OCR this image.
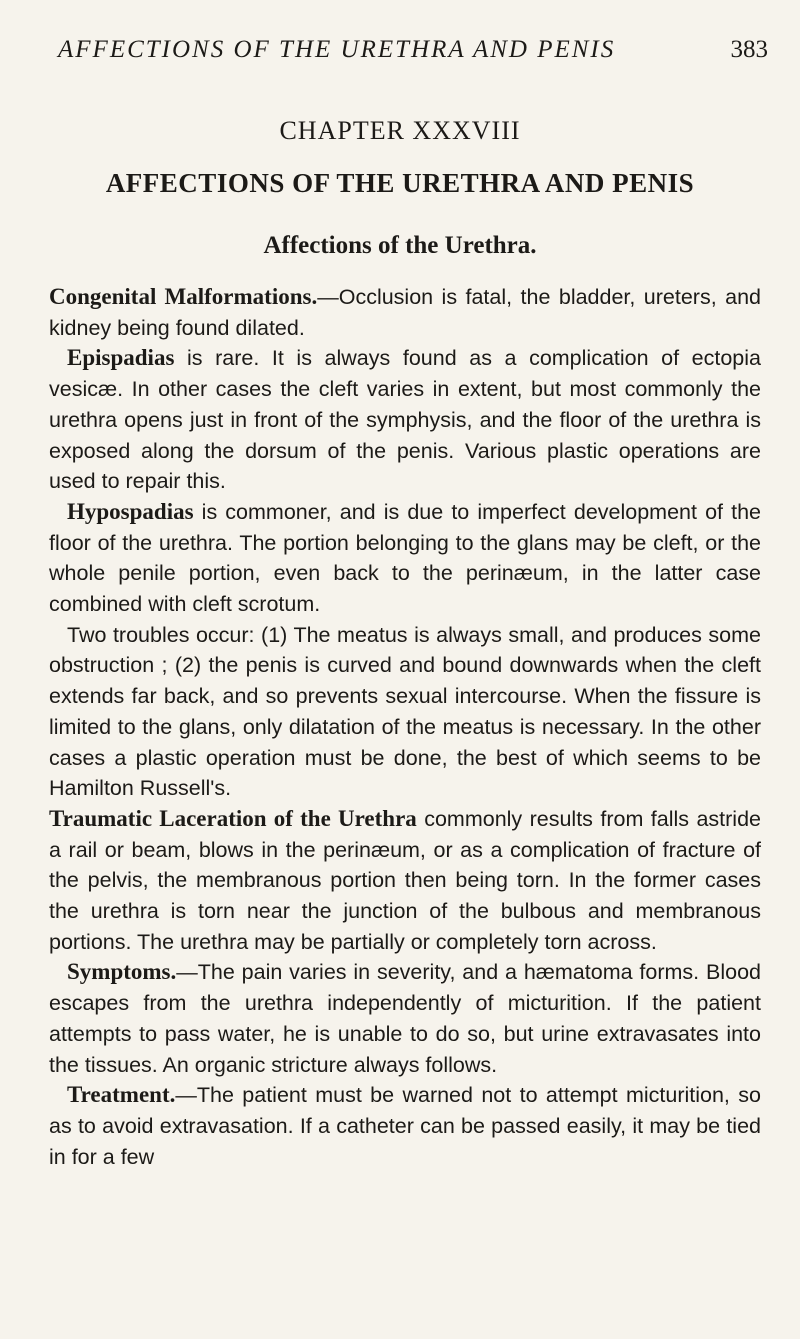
AFFECTIONS OF THE URETHRA AND PENIS	383
CHAPTER XXXVIII
AFFECTIONS OF THE URETHRA AND PENIS
Affections of the Urethra.

Congenital Malformations.—Occlusion is fatal, the bladder, ureters, and kidney being found dilated.

Epispadias is rare. It is always found as a complication of ectopia vesicæ. In other cases the cleft varies in extent, but most commonly the urethra opens just in front of the symphysis, and the floor of the urethra is exposed along the dorsum of the penis. Various plastic operations are used to repair this.

Hypospadias is commoner, and is due to imperfect development of the floor of the urethra. The portion belonging to the glans may be cleft, or the whole penile portion, even back to the perinæum, in the latter case combined with cleft scrotum.

Two troubles occur: (1) The meatus is always small, and produces some obstruction ; (2) the penis is curved and bound downwards when the cleft extends far back, and so prevents sexual intercourse. When the fissure is limited to the glans, only dilatation of the meatus is necessary. In the other cases a plastic operation must be done, the best of which seems to be Hamilton Russell's.

Traumatic Laceration of the Urethra commonly results from falls astride a rail or beam, blows in the perinæum, or as a complication of fracture of the pelvis, the membranous portion then being torn. In the former cases the urethra is torn near the junction of the bulbous and membranous portions. The urethra may be partially or completely torn across.

Symptoms.—The pain varies in severity, and a hæmatoma forms. Blood escapes from the urethra independently of micturition. If the patient attempts to pass water, he is unable to do so, but urine extravasates into the tissues. An organic stricture always follows.

Treatment.—The patient must be warned not to attempt micturition, so as to avoid extravasation. If a catheter can be passed easily, it may be tied in for a few
